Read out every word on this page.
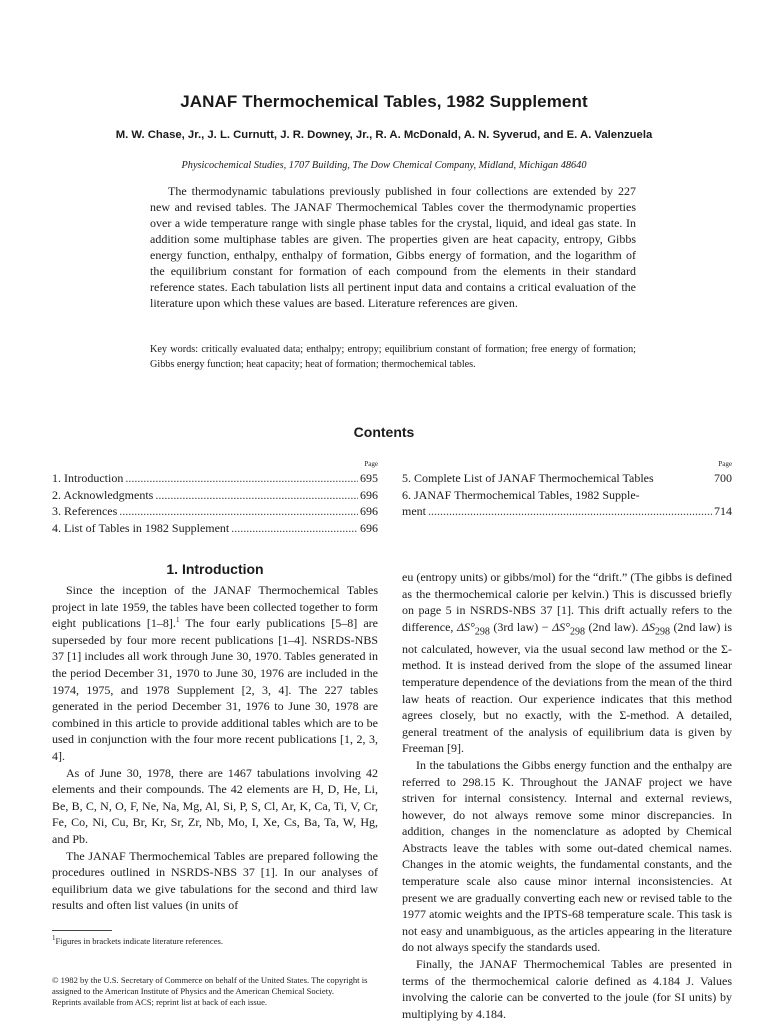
JANAF Thermochemical Tables, 1982 Supplement
M. W. Chase, Jr., J. L. Curnutt, J. R. Downey, Jr., R. A. McDonald, A. N. Syverud, and E. A. Valenzuela
Physicochemical Studies, 1707 Building, The Dow Chemical Company, Midland, Michigan 48640

The thermodynamic tabulations previously published in four collections are extended by 227 new and revised tables. The JANAF Thermochemical Tables cover the thermodynamic properties over a wide temperature range with single phase tables for the crystal, liquid, and ideal gas state. In addition some multiphase tables are given. The properties given are heat capacity, entropy, Gibbs energy function, enthalpy, enthalpy of formation, Gibbs energy of formation, and the logarithm of the equilibrium constant for formation of each compound from the elements in their standard reference states. Each tabulation lists all pertinent input data and contains a critical evaluation of the literature upon which these values are based. Literature references are given.

Key words: critically evaluated data; enthalpy; entropy; equilibrium constant of formation; free energy of formation; Gibbs energy function; heat capacity; heat of formation; thermochemical tables.

Contents
Page
1. Introduction .....	695
2. Acknowledgments .....	696
3. References .....	696
4. List of Tables in 1982 Supplement .....	696
Page
5. Complete List of JANAF Thermochemical Tables	700
6. JANAF Thermochemical Tables, 1982 Supple-
ment .....	714
1. Introduction

Since the inception of the JANAF Thermochemical Tables project in late 1959, the tables have been collected together to form eight publications [1–8].$^1$ The four early publications [5–8] are superseded by four more recent publications [1–4]. NSRDS-NBS 37 [1] includes all work through June 30, 1970. Tables generated in the period December 31, 1970 to June 30, 1976 are included in the 1974, 1975, and 1978 Supplement [2, 3, 4]. The 227 tables generated in the period December 31, 1976 to June 30, 1978 are combined in this article to provide additional tables which are to be used in conjunction with the four more recent publications [1, 2, 3, 4].

As of June 30, 1978, there are 1467 tabulations involving 42 elements and their compounds. The 42 elements are H, D, He, Li, Be, B, C, N, O, F, Ne, Na, Mg, Al, Si, P, S, Cl, Ar, K, Ca, Ti, V, Cr, Fe, Co, Ni, Cu, Br, Kr, Sr, Zr, Nb, Mo, I, Xe, Cs, Ba, Ta, W, Hg, and Pb.

The JANAF Thermochemical Tables are prepared following the procedures outlined in NSRDS-NBS 37 [1]. In our analyses of equilibrium data we give tabulations for the second and third law results and often list values (in units of

eu (entropy units) or gibbs/mol) for the “drift.” (The gibbs is defined as the thermochemical calorie per kelvin.) This is discussed briefly on page 5 in NSRDS-NBS 37 [1]. This drift actually refers to the difference, $\Delta S^\circ_{298}$ (3rd $law) - \Delta S^\circ_{298}$ (2nd law). $\Delta S_{298}$ (2nd law) is not calculated, however, via the usual second law method or the Σ-method. It is instead derived from the slope of the assumed linear temperature dependence of the deviations from the mean of the third law heats of reaction. Our experience indicates that this method agrees closely, but no exactly, with the Σ-method. A detailed, general treatment of the analysis of equilibrium data is given by Freeman [9].

In the tabulations the Gibbs energy function and the enthalpy are referred to 298.15 K. Throughout the JANAF project we have striven for internal consistency. Internal and external reviews, however, do not always remove some minor discrepancies. In addition, changes in the nomenclature as adopted by Chemical Abstracts leave the tables with some out-dated chemical names. Changes in the atomic weights, the fundamental constants, and the temperature scale also cause minor internal inconsistencies. At present we are gradually converting each new or revised table to the 1977 atomic weights and the IPTS-68 temperature scale. This task is not easy and unambiguous, as the articles appearing in the literature do not always specify the standards used.

Finally, the JANAF Thermochemical Tables are presented in terms of the thermochemical calorie defined as 4.184 J. Values involving the calorie can be converted to the joule (for SI units) by multiplying by 4.184.

$^1$Figures in brackets indicate literature references.
© 1982 by the U.S. Secretary of Commerce on behalf of the United States. The copyright is assigned to the American Institute of Physics and the American Chemical Society.
Reprints available from ACS; reprint list at back of each issue.
